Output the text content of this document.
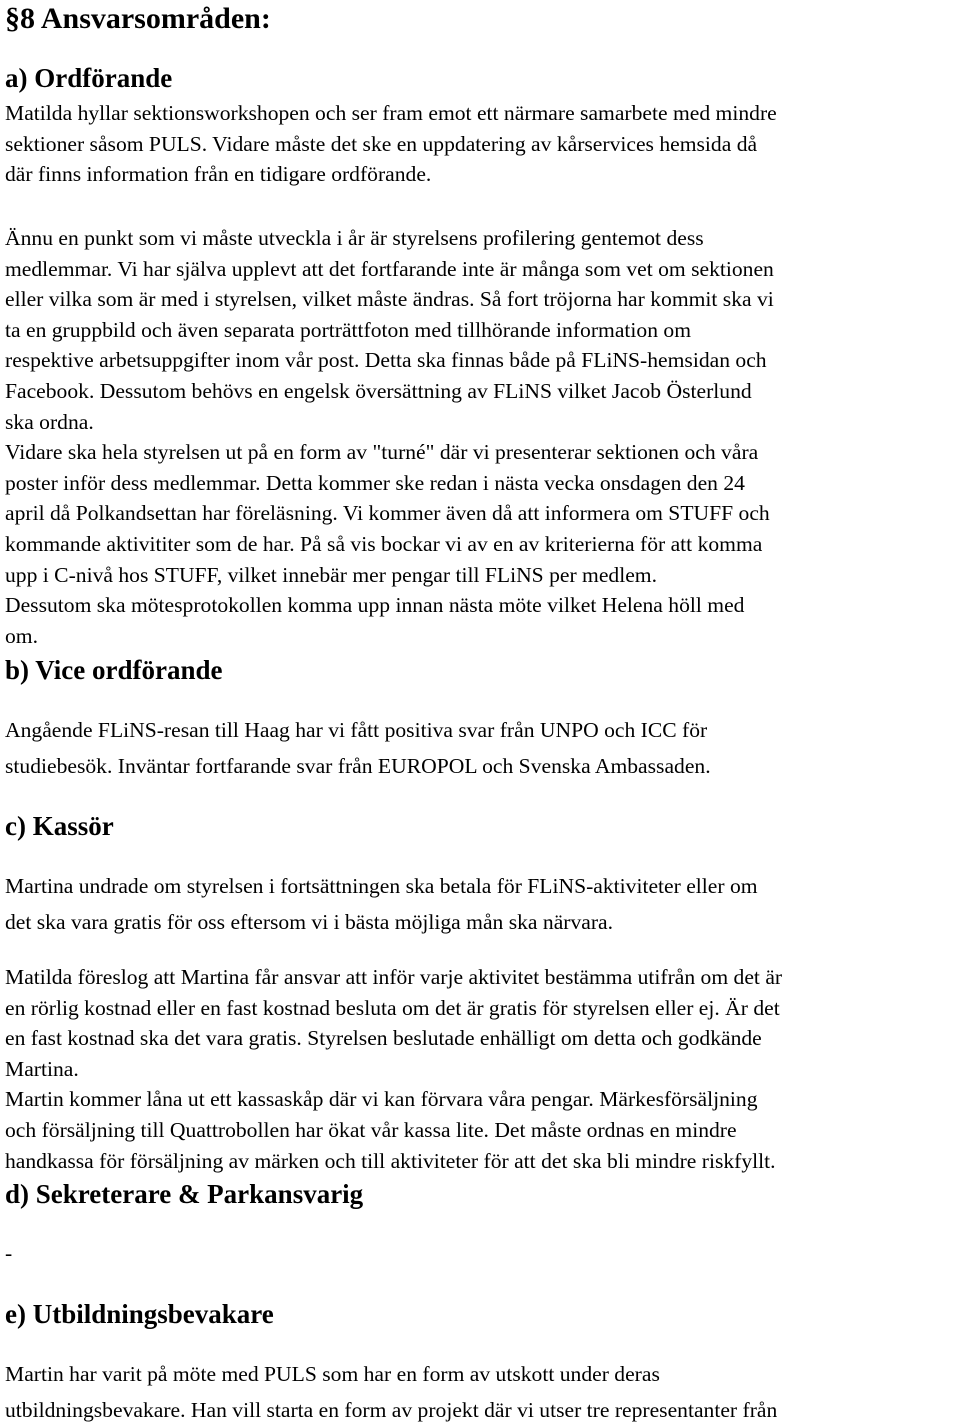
§8 Ansvarsområden:
a) Ordförande
Matilda hyllar sektionsworkshopen och ser fram emot ett närmare samarbete med mindre
sektioner såsom PULS. Vidare måste det ske en uppdatering av kårservices hemsida då
där finns information från en tidigare ordförande.
Ännu en punkt som vi måste utveckla i år är styrelsens profilering gentemot dess
medlemmar. Vi har själva upplevt att det fortfarande inte är många som vet om sektionen
eller vilka som är med i styrelsen, vilket måste ändras. Så fort tröjorna har kommit ska vi
ta en gruppbild och även separata porträttfoton med tillhörande information om
respektive arbetsuppgifter inom vår post. Detta ska finnas både på FLiNS-hemsidan och
Facebook. Dessutom behövs en engelsk översättning av FLiNS vilket Jacob Österlund
ska ordna.
Vidare ska hela styrelsen ut på en form av "turné" där vi presenterar sektionen och våra
poster inför dess medlemmar. Detta kommer ske redan i nästa vecka onsdagen den 24
april då Polkandsettan har föreläsning. Vi kommer även då att informera om STUFF och
kommande aktivititer som de har. På så vis bockar vi av en av kriterierna för att komma
upp i C-nivå hos STUFF, vilket innebär mer pengar till FLiNS per medlem.
Dessutom ska mötesprotokollen komma upp innan nästa möte vilket Helena höll med
om.
b) Vice ordförande
Angående FLiNS-resan till Haag har vi fått positiva svar från UNPO och ICC för
studiebesök. Inväntar fortfarande svar från EUROPOL och Svenska Ambassaden.
c) Kassör
Martina undrade om styrelsen i fortsättningen ska betala för FLiNS-aktiviteter eller om
det ska vara gratis för oss eftersom vi i bästa möjliga mån ska närvara.
Matilda föreslog att Martina får ansvar att inför varje aktivitet bestämma utifrån om det är
en rörlig kostnad eller en fast kostnad besluta om det är gratis för styrelsen eller ej. Är det
en fast kostnad ska det vara gratis. Styrelsen beslutade enhälligt om detta och godkände
Martina.
Martin kommer låna ut ett kassaskåp där vi kan förvara våra pengar. Märkesförsäljning
och försäljning till Quattrobollen har ökat vår kassa lite. Det måste ordnas en mindre
handkassa för försäljning av märken och till aktiviteter för att det ska bli mindre riskfyllt.
d) Sekreterare & Parkansvarig
-
e) Utbildningsbevakare
Martin har varit på möte med PULS som har en form av utskott under deras
utbildningsbevakare. Han vill starta en form av projekt där vi utser tre representanter från
